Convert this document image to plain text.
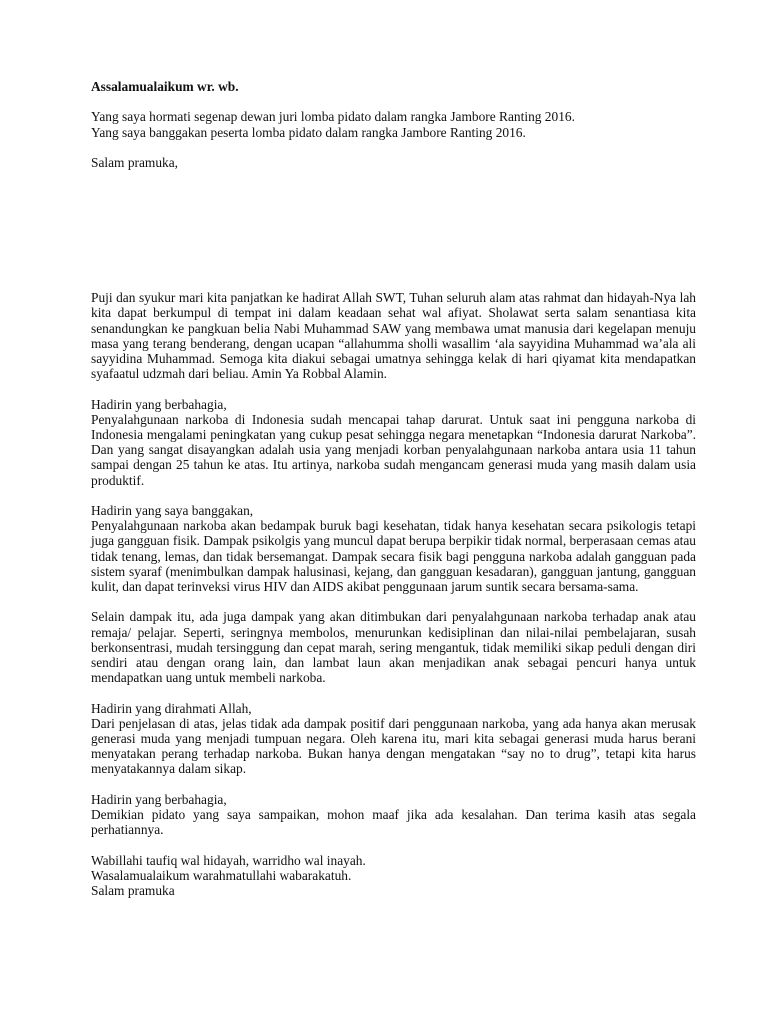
Assalamualaikum wr. wb.
Yang saya hormati segenap dewan juri lomba pidato dalam rangka Jambore Ranting 2016.
Yang saya banggakan peserta lomba pidato dalam rangka Jambore Ranting 2016.
Salam pramuka,

Puji dan syukur mari kita panjatkan ke hadirat Allah SWT, Tuhan seluruh alam atas rahmat dan hidayah-Nya lah kita dapat berkumpul di tempat ini dalam keadaan sehat wal afiyat. Sholawat serta salam senantiasa kita senandungkan ke pangkuan belia Nabi Muhammad SAW yang membawa umat manusia dari kegelapan menuju masa yang terang benderang, dengan ucapan “allahumma sholli wasallim ‘ala sayyidina Muhammad wa’ala ali sayyidina Muhammad. Semoga kita diakui sebagai umatnya sehingga kelak di hari qiyamat kita mendapatkan syafaatul udzmah dari beliau. Amin Ya Robbal Alamin.

Hadirin yang berbahagia,

Penyalahgunaan narkoba di Indonesia sudah mencapai tahap darurat. Untuk saat ini pengguna narkoba di Indonesia mengalami peningkatan yang cukup pesat sehingga negara menetapkan “Indonesia darurat Narkoba”. Dan yang sangat disayangkan adalah usia yang menjadi korban penyalahgunaan narkoba antara usia 11 tahun sampai dengan 25 tahun ke atas. Itu artinya, narkoba sudah mengancam generasi muda yang masih dalam usia produktif.

Hadirin yang saya banggakan,

Penyalahgunaan narkoba akan bedampak buruk bagi kesehatan, tidak hanya kesehatan secara psikologis tetapi juga gangguan fisik. Dampak psikolgis yang muncul dapat berupa berpikir tidak normal, berperasaan cemas atau tidak tenang, lemas, dan tidak bersemangat. Dampak secara fisik bagi pengguna narkoba adalah gangguan pada sistem syaraf (menimbulkan dampak halusinasi, kejang, dan gangguan kesadaran), gangguan jantung, gangguan kulit, dan dapat terinveksi virus HIV dan AIDS akibat penggunaan jarum suntik secara bersama-sama.

Selain dampak itu, ada juga dampak yang akan ditimbukan dari penyalahgunaan narkoba terhadap anak atau remaja/ pelajar. Seperti, seringnya membolos, menurunkan kedisiplinan dan nilai-nilai pembelajaran, susah berkonsentrasi, mudah tersinggung dan cepat marah, sering mengantuk, tidak memiliki sikap peduli dengan diri sendiri atau dengan orang lain, dan lambat laun akan menjadikan anak sebagai pencuri hanya untuk mendapatkan uang untuk membeli narkoba.

Hadirin yang dirahmati Allah,

Dari penjelasan di atas, jelas tidak ada dampak positif dari penggunaan narkoba, yang ada hanya akan merusak generasi muda yang menjadi tumpuan negara. Oleh karena itu, mari kita sebagai generasi muda harus berani menyatakan perang terhadap narkoba. Bukan hanya dengan mengatakan “say no to drug”, tetapi kita harus menyatakannya dalam sikap.

Hadirin yang berbahagia,

Demikian pidato yang saya sampaikan, mohon maaf jika ada kesalahan. Dan terima kasih atas segala perhatiannya.

Wabillahi taufiq wal hidayah, warridho wal inayah.
Wasalamualaikum warahmatullahi wabarakatuh.
Salam pramuka
